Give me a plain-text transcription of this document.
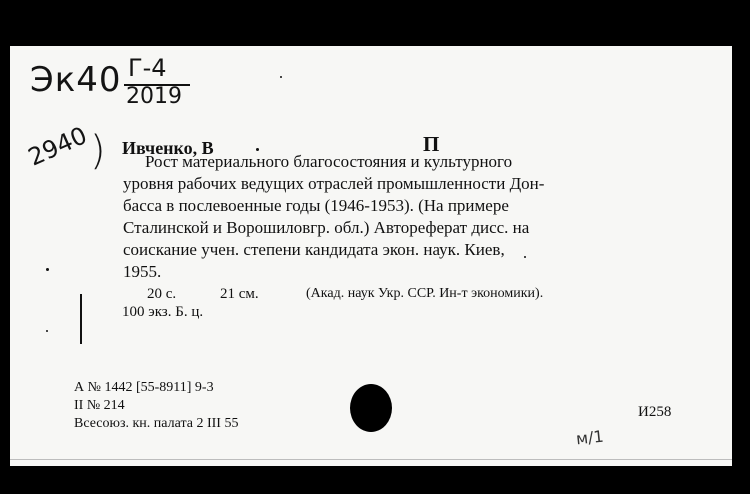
Эк40 Г-4
2019
2940
) Ивченко, В	П
Рост материального благосостояния и культурного
уровня рабочих ведущих отраслей промышленности Дон-
басса в послевоенные годы (1946-1953). (На примере
Сталинской и Ворошиловгр. обл.) Автореферат дисс. на
соискание учен. степени кандидата экон. наук. Киев,
1955.
20 с.	21 см.	(Акад. наук Укр. ССР. Ин-т экономики).
100 экз. Б. ц.
А № 1442 [55-8911] 9-3
II № 214
Всесоюз. кн. палата 2 III 55
И258
м/1
